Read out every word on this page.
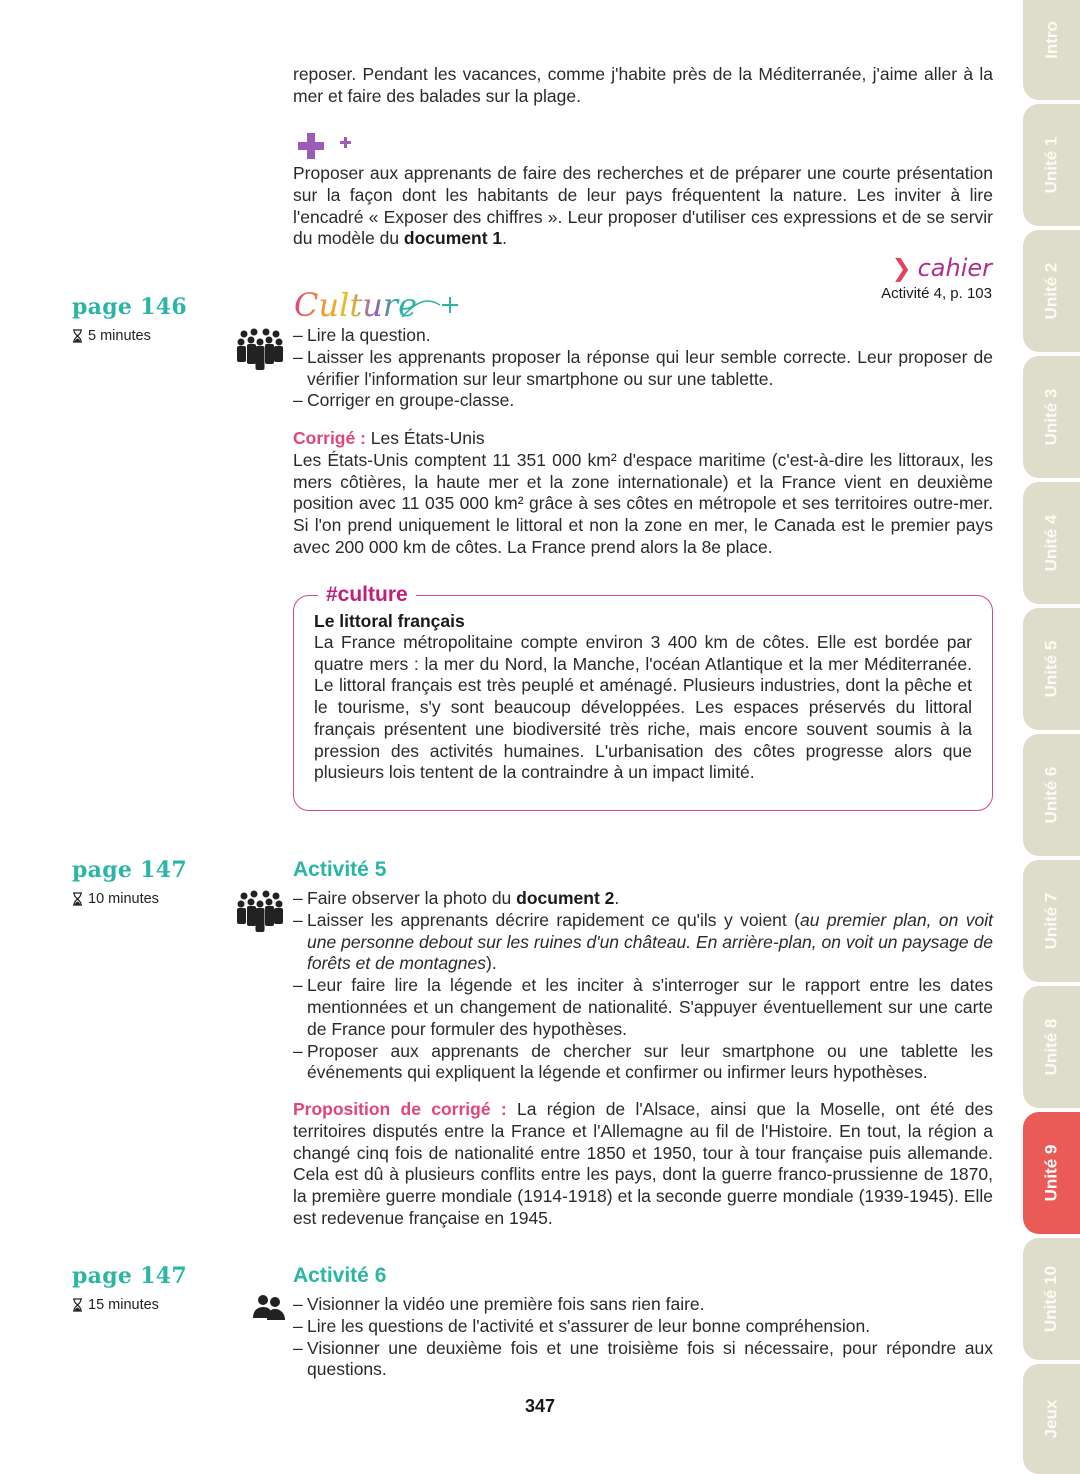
reposer. Pendant les vacances, comme j'habite près de la Méditerranée, j'aime aller à la mer et faire des balades sur la plage.

Proposer aux apprenants de faire des recherches et de préparer une courte présentation sur la façon dont les habitants de leur pays fréquentent la nature. Les inviter à lire l'encadré « Exposer des chiffres ». Leur proposer d'utiliser ces expressions et de se servir du modèle du document 1.

❯ cahier
Activité 4, p. 103
page 146
5 minutes
Culture
– Lire la question.
– Laisser les apprenants proposer la réponse qui leur semble correcte. Leur proposer de vérifier l'information sur leur smartphone ou sur une tablette.
– Corriger en groupe-classe.

Corrigé : Les États-Unis

Les États-Unis comptent 11 351 000 km² d'espace maritime (c'est-à-dire les littoraux, les mers côtières, la haute mer et la zone internationale) et la France vient en deuxième position avec 11 035 000 km² grâce à ses côtes en métropole et ses territoires outre-mer. Si l'on prend uniquement le littoral et non la zone en mer, le Canada est le premier pays avec 200 000 km de côtes. La France prend alors la 8e place.

#culture
Le littoral français
La France métropolitaine compte environ 3 400 km de côtes. Elle est bordée par quatre mers : la mer du Nord, la Manche, l'océan Atlantique et la mer Méditerranée. Le littoral français est très peuplé et aménagé. Plusieurs industries, dont la pêche et le tourisme, s'y sont beaucoup développées. Les espaces préservés du littoral français présentent une biodiversité très riche, mais encore souvent soumis à la pression des activités humaines. L'urbanisation des côtes progresse alors que plusieurs lois tentent de la contraindre à un impact limité.
page 147
10 minutes
Activité 5
– Faire observer la photo du document 2.
– Laisser les apprenants décrire rapidement ce qu'ils y voient (au premier plan, on voit une personne debout sur les ruines d'un château. En arrière-plan, on voit un paysage de forêts et de montagnes).
– Leur faire lire la légende et les inciter à s'interroger sur le rapport entre les dates mentionnées et un changement de nationalité. S'appuyer éventuellement sur une carte de France pour formuler des hypothèses.
– Proposer aux apprenants de chercher sur leur smartphone ou une tablette les événements qui expliquent la légende et confirmer ou infirmer leurs hypothèses.

Proposition de corrigé : La région de l'Alsace, ainsi que la Moselle, ont été des territoires disputés entre la France et l'Allemagne au fil de l'Histoire. En tout, la région a changé cinq fois de nationalité entre 1850 et 1950, tour à tour française puis allemande. Cela est dû à plusieurs conflits entre les pays, dont la guerre franco-prussienne de 1870, la première guerre mondiale (1914-1918) et la seconde guerre mondiale (1939-1945). Elle est redevenue française en 1945.

page 147
15 minutes
Activité 6
– Visionner la vidéo une première fois sans rien faire.
– Lire les questions de l'activité et s'assurer de leur bonne compréhension.
– Visionner une deuxième fois et une troisième fois si nécessaire, pour répondre aux questions.
347
Intro
Unité 1
Unité 2
Unité 3
Unité 4
Unité 5
Unité 6
Unité 7
Unité 8
Unité 9
Unité 10
Jeux
